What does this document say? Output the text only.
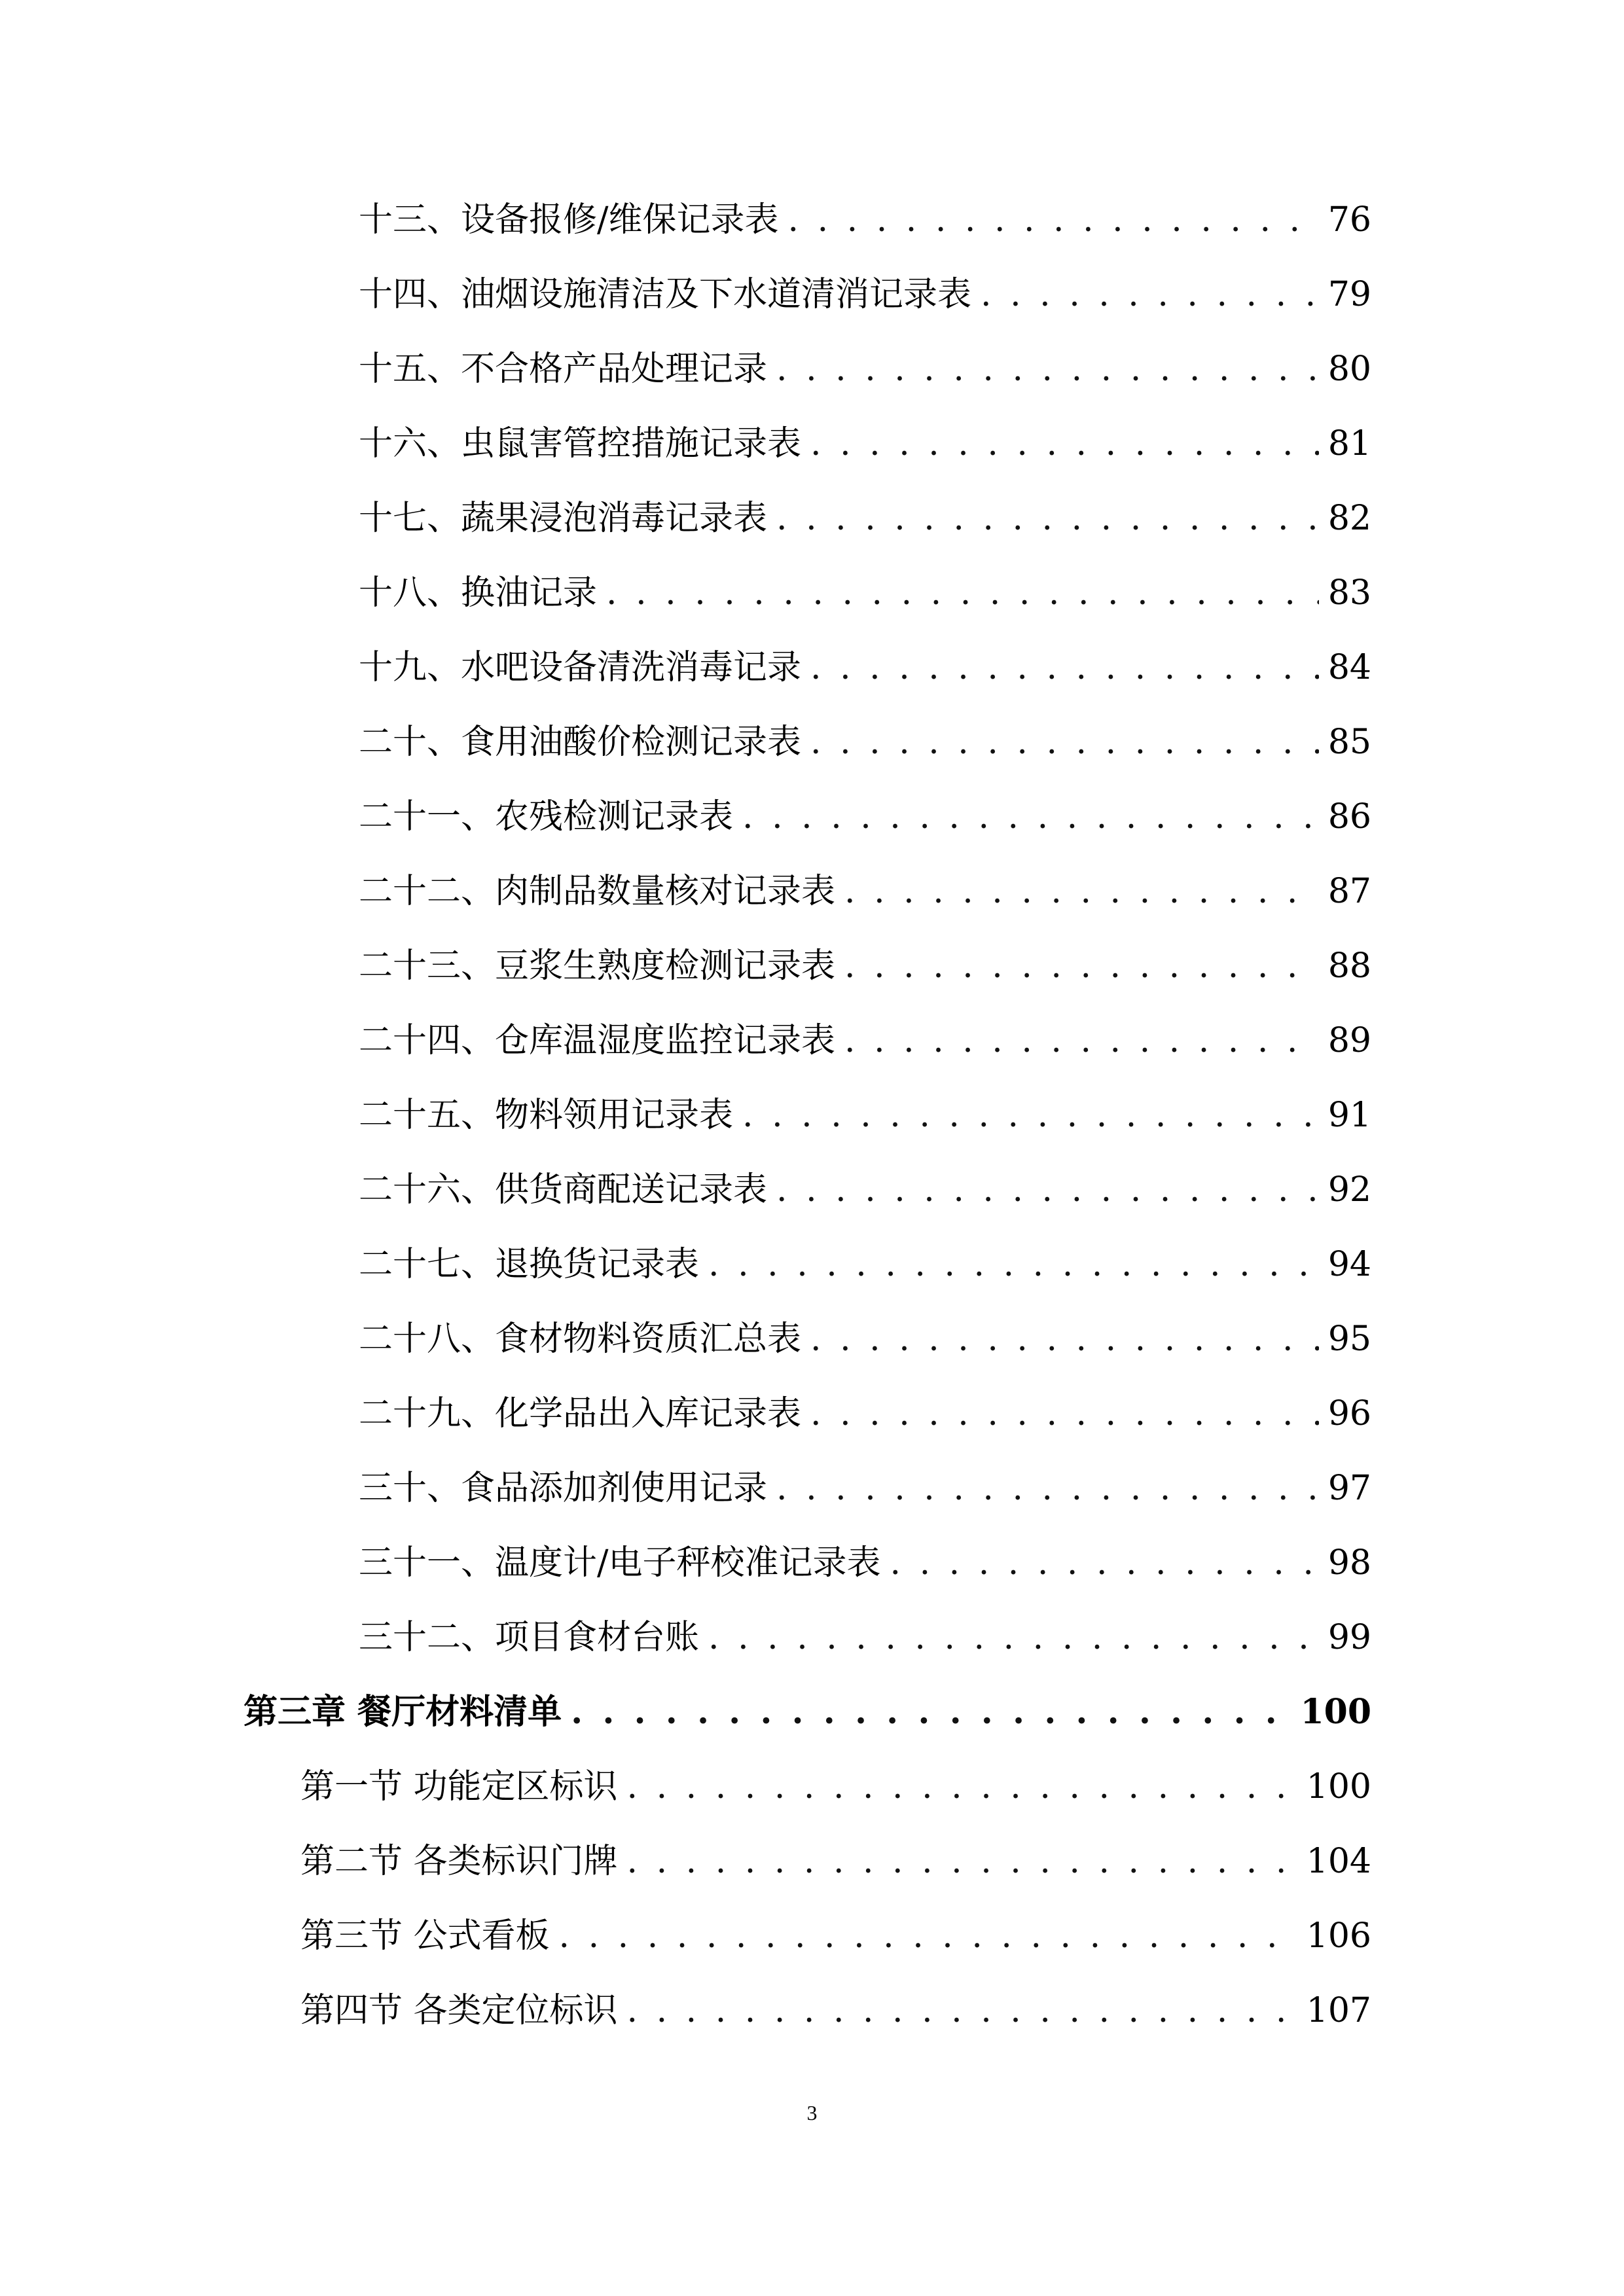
十三、设备报修/维保记录表 . . .	76
十四、油烟设施清洁及下水道清消记录表 . . .	79
十五、不合格产品处理记录 . . .	80
十六、虫鼠害管控措施记录表 . . .	81
十七、蔬果浸泡消毒记录表 . . .	82
十八、换油记录 . . .	83
十九、水吧设备清洗消毒记录 . . .	84
二十、食用油酸价检测记录表 . . .	85
二十一、农残检测记录表 . . .	86
二十二、肉制品数量核对记录表 . . .	87
二十三、豆浆生熟度检测记录表 . . .	88
二十四、仓库温湿度监控记录表 . . .	89
二十五、物料领用记录表 . . .	91
二十六、供货商配送记录表 . . .	92
二十七、退换货记录表 . . .	94
二十八、食材物料资质汇总表 . . .	95
二十九、化学品出入库记录表 . . .	96
三十、食品添加剂使用记录 . . .	97
三十一、温度计/电子秤校准记录表 . . .	98
三十二、项目食材台账 . . .	99
第三章 餐厅材料清单 . . .	100
第一节 功能定区标识 . . .	100
第二节 各类标识门牌 . . .	104
第三节 公式看板 . . .	106
第四节 各类定位标识 . . .	107
3
